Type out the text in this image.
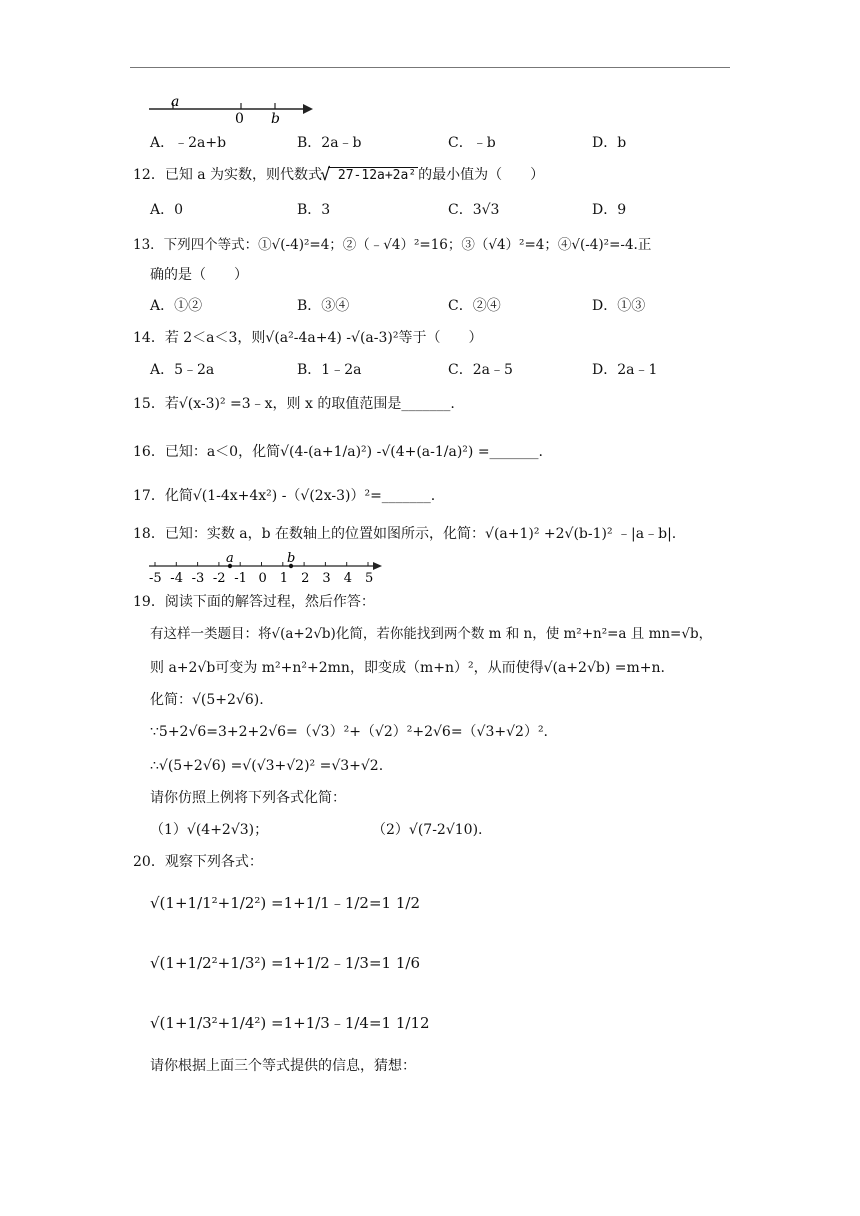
a
0 b
A．﹣2a+b	B．2a﹣b	C．﹣b	D．b
12．已知 a 为实数，则代数式
√ 27-12a+2a² 的最小值为（　　）
A．0	B．3	C．3√3	D．9
13．下列四个等式：①√(-4)²=4；②（﹣√4）²=16；③（√4）²=4；④√(-4)²=-4.正
确的是（　　）
A．①②	B．③④	C．②④	D．①③
14．若 2＜a＜3，则√(a²-4a+4) -√(a-3)²等于（　　）
A．5﹣2a	B．1﹣2a	C．2a﹣5	D．2a﹣1
15．若√(x-3)² =3﹣x，则 x 的取值范围是_______.
16．已知：a＜0，化简√(4-(a+1/a)²) -√(4+(a-1/a)²) =_______.
17．化简√(1-4x+4x²) -（√(2x-3)）²=_______.
18．已知：实数 a，b 在数轴上的位置如图所示，化简：√(a+1)² +2√(b-1)² ﹣|a﹣b|.
-5 -4 -3 -2 -1 0 1 2 3 4 5
a	b
19．阅读下面的解答过程，然后作答：
有这样一类题目：将√(a+2√b)化简，若你能找到两个数 m 和 n，使 m²+n²=a 且 mn=√b，
则 a+2√b可变为 m²+n²+2mn，即变成（m+n）²，从而使得√(a+2√b) =m+n.
化简：√(5+2√6).
∵5+2√6=3+2+2√6=（√3）²+（√2）²+2√6=（√3+√2）².
∴√(5+2√6) =√(√3+√2)² =√3+√2.
请你仿照上例将下列各式化简：
（1）√(4+2√3)；	（2）√(7-2√10).
20．观察下列各式：
√(1+1/1²+1/2²) =1+1/1﹣1/2=1 1/2
√(1+1/2²+1/3²) =1+1/2﹣1/3=1 1/6
√(1+1/3²+1/4²) =1+1/3﹣1/4=1 1/12
请你根据上面三个等式提供的信息，猜想：
